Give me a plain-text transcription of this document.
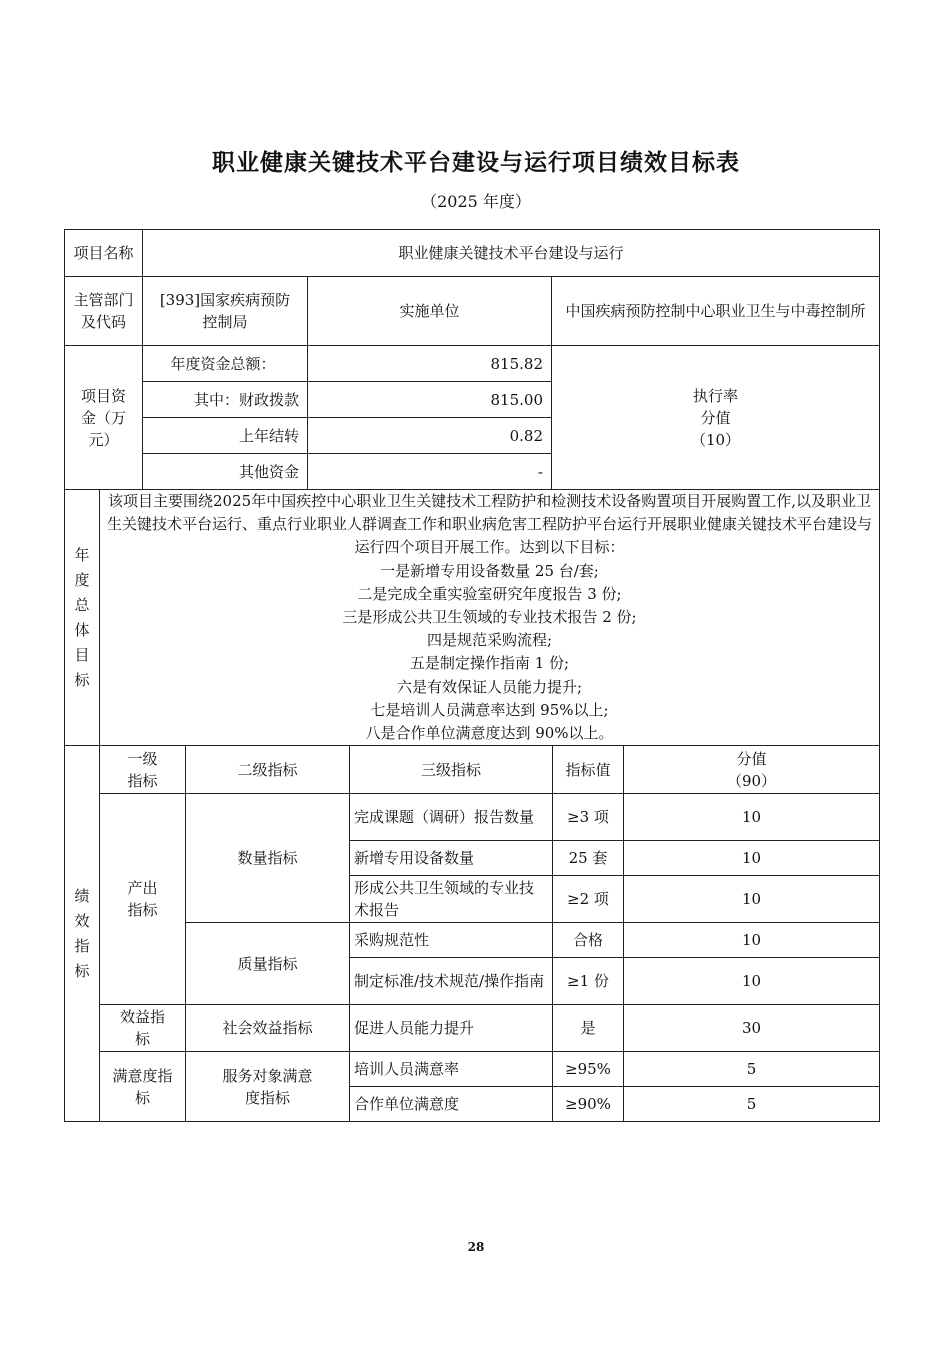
职业健康关键技术平台建设与运行项目绩效目标表
（2025 年度）
项目名称	职业健康关键技术平台建设与运行		
主管部门及代码	[393]国家疾病预防控制局	实施单位	中国疾病预防控制中心职业卫生与中毒控制所
项目资金（万元）	年度资金总额：	815.82	执行率
分值
（10）

	其中：财政拨款	815.00	
	上年结转	0.82	
	其他资金	-	
年
度
总
体
目
标

该项目主要围绕2025年中国疾控中心职业卫生关键技术工程防护和检测技术设备购置项目开展购置工作,以及职业卫生关键技术平台运行、重点行业职业人群调查工作和职业病危害工程防护平台运行开展职业健康关键技术平台建设与运行四个项目开展工作。达到以下目标：
一是新增专用设备数量 25 台/套;
二是完成全重实验室研究年度报告 3 份;
三是形成公共卫生领域的专业技术报告 2 份;
四是规范采购流程;
五是制定操作指南 1 份;
六是有效保证人员能力提升;
七是培训人员满意率达到 95%以上;
八是合作单位满意度达到 90%以上。
绩
效
指
标	一级指标	二级指标	三级指标	指标值	分值
（90）

	产出指标	数量指标	完成课题（调研）报告数量	≥3 项	10
			新增专用设备数量	25 套	10
			形成公共卫生领域的专业技术报告	≥2 项	10
		质量指标	采购规范性	合格	10
			制定标准/技术规范/操作指南	≥1 份	10
	效益指标	社会效益指标	促进人员能力提升	是	30
	满意度指标	服务对象满意度指标	培训人员满意率	≥95%	5
			合作单位满意度	≥90%	5
28
